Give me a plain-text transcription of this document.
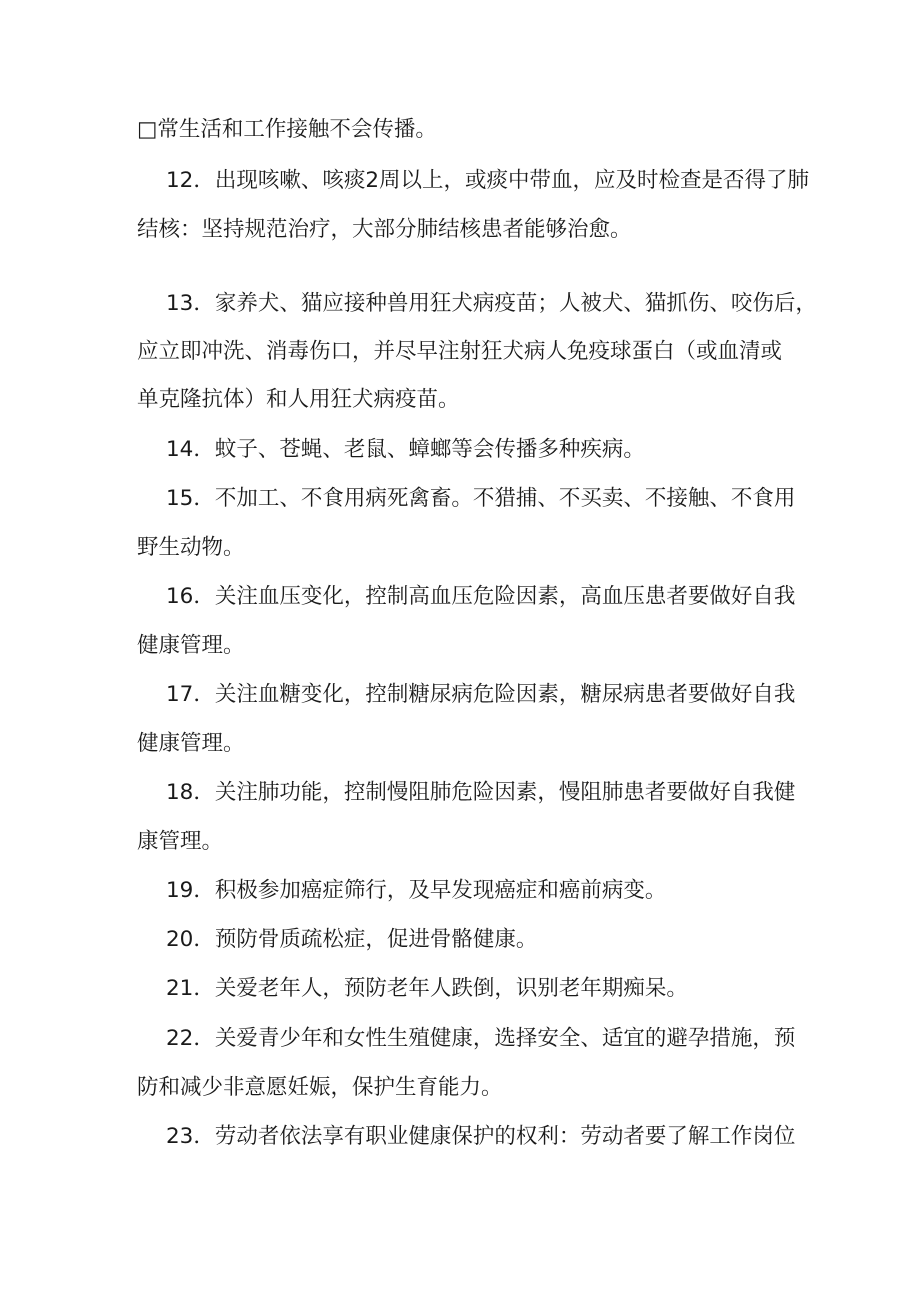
□常生活和工作接触不会传播。
12．出现咳嗽、咳痰2周以上，或痰中带血，应及时检查是否得了肺
结核：坚持规范治疗，大部分肺结核患者能够治愈。
13．家养犬、猫应接种兽用狂犬病疫苗；人被犬、猫抓伤、咬伤后，
应立即冲洗、消毒伤口，并尽早注射狂犬病人免疫球蛋白（或血清或
单克隆抗体）和人用狂犬病疫苗。
14．蚊子、苍蝇、老鼠、蟑螂等会传播多种疾病。
15．不加工、不食用病死禽畜。不猎捕、不买卖、不接触、不食用
野生动物。
16．关注血压变化，控制高血压危险因素，高血压患者要做好自我
健康管理。
17．关注血糖变化，控制糖尿病危险因素，糖尿病患者要做好自我
健康管理。
18．关注肺功能，控制慢阻肺危险因素，慢阻肺患者要做好自我健
康管理。
19．积极参加癌症筛行，及早发现癌症和癌前病变。
20．预防骨质疏松症，促进骨骼健康。
21．关爱老年人，预防老年人跌倒，识别老年期痴呆。
22．关爱青少年和女性生殖健康，选择安全、适宜的避孕措施，预
防和减少非意愿妊娠，保护生育能力。
23．劳动者依法享有职业健康保护的权利：劳动者要了解工作岗位
